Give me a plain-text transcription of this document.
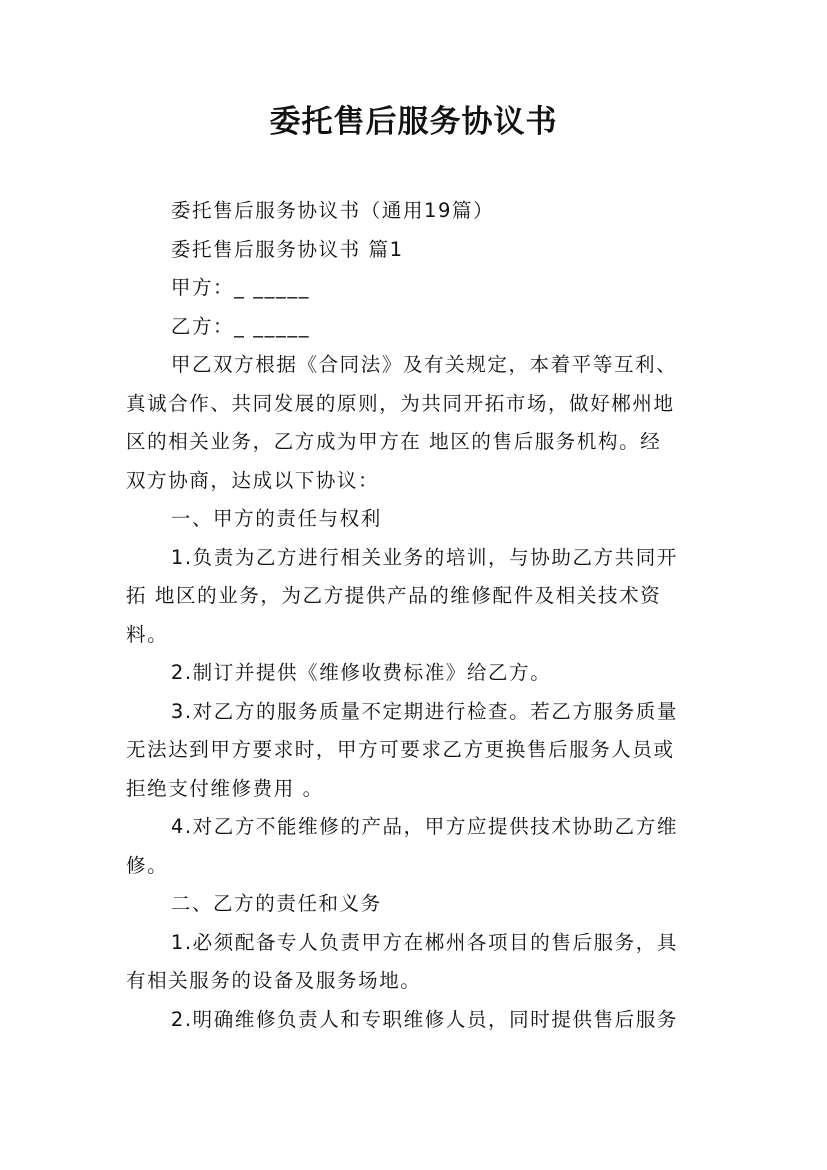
委托售后服务协议书
委托售后服务协议书（通用19篇）
委托售后服务协议书 篇1
甲方：_ _____
乙方：_ _____
甲乙双方根据《合同法》及有关规定，本着平等互利、
真诚合作、共同发展的原则，为共同开拓市场，做好郴州地
区的相关业务，乙方成为甲方在 地区的售后服务机构。经
双方协商，达成以下协议：
一、甲方的责任与权利
1.负责为乙方进行相关业务的培训，与协助乙方共同开
拓 地区的业务，为乙方提供产品的维修配件及相关技术资
料。
2.制订并提供《维修收费标准》给乙方。
3.对乙方的服务质量不定期进行检查。若乙方服务质量
无法达到甲方要求时，甲方可要求乙方更换售后服务人员或
拒绝支付维修费用 。
4.对乙方不能维修的产品，甲方应提供技术协助乙方维
修。
二、乙方的责任和义务
1.必须配备专人负责甲方在郴州各项目的售后服务，具
有相关服务的设备及服务场地。
2.明确维修负责人和专职维修人员，同时提供售后服务
